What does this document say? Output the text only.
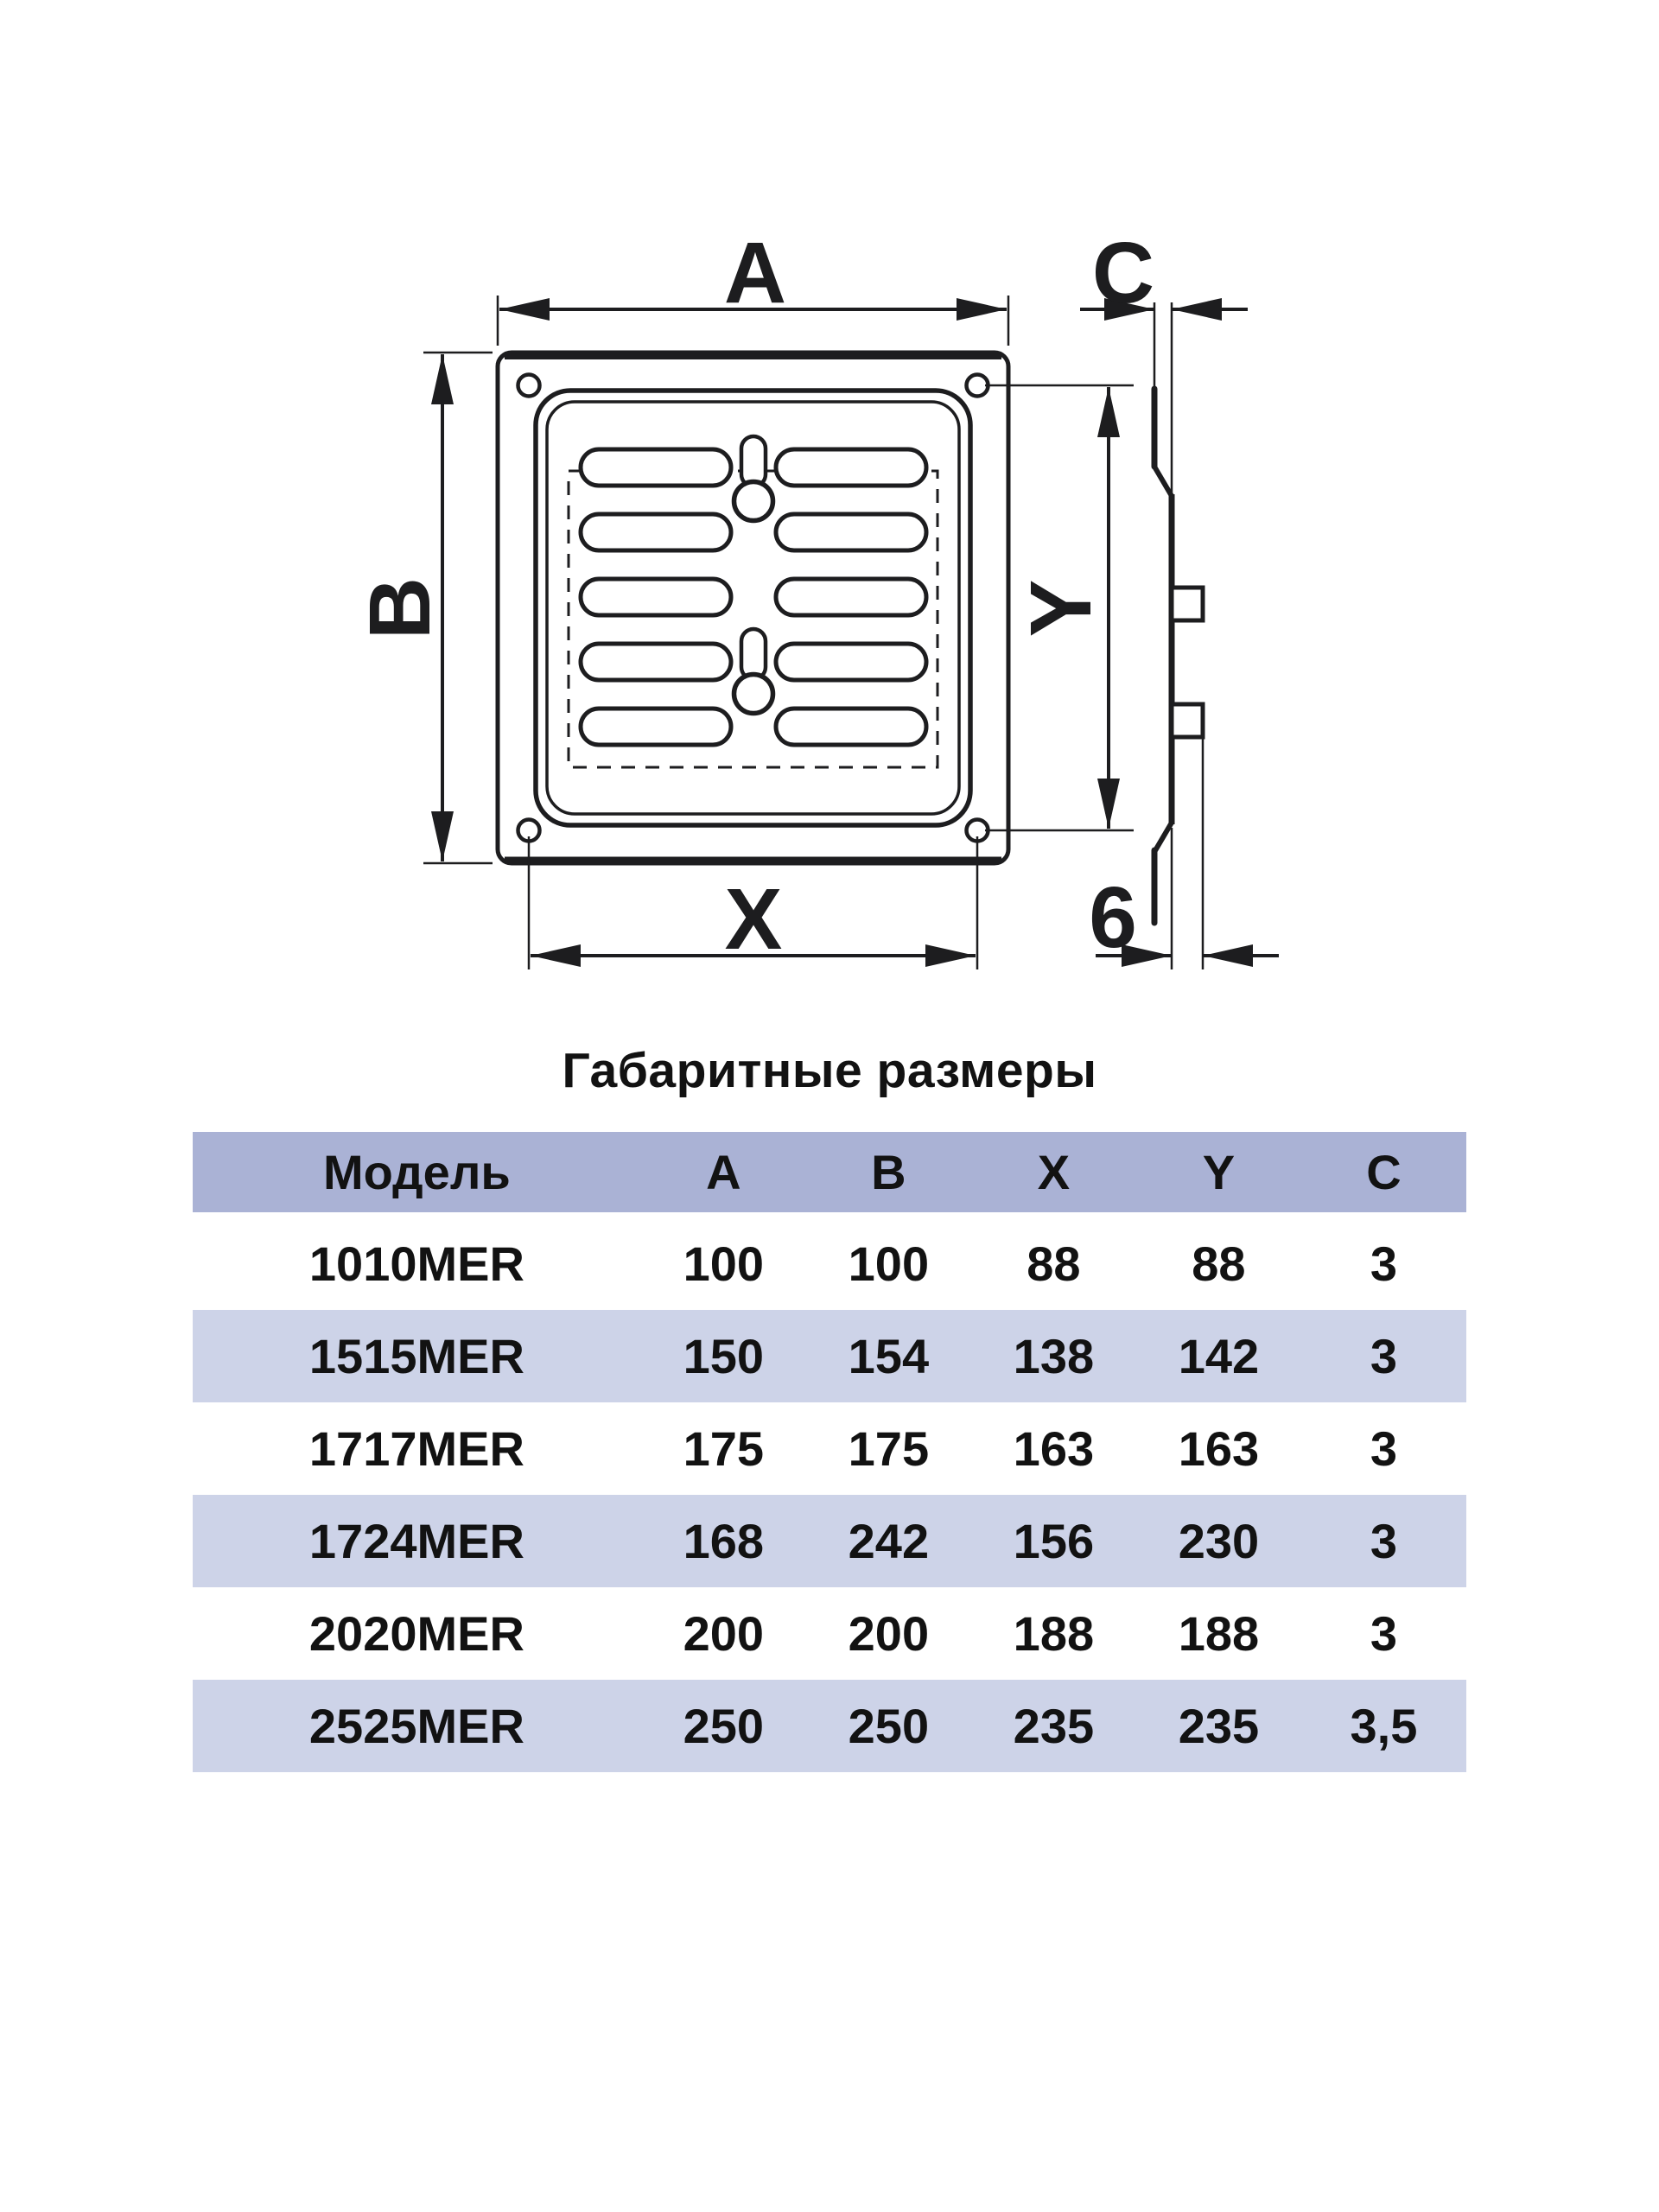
A	C
B	Y
X	6
Габаритные размеры
Модель	A	B	X	Y	C
1010MER	100	100	88	88	3
1515MER	150	154	138	142	3
1717MER	175	175	163	163	3
1724MER	168	242	156	230	3
2020MER	200	200	188	188	3
2525MER	250	250	235	235	3,5
